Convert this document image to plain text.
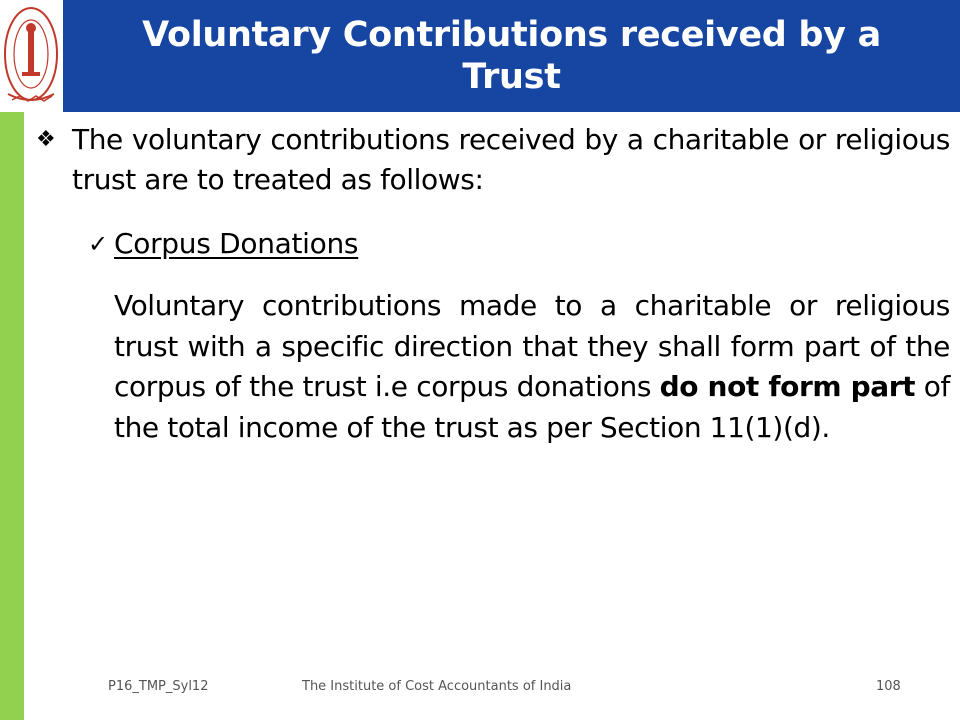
Voluntary Contributions received by a Trust
❖ The voluntary contributions received by a charitable or religious trust are to treated as follows:
✓ Corpus Donations
Voluntary contributions made to a charitable or religious trust with a specific direction that they shall form part of the corpus of the trust i.e corpus donations do not form part of the total income of the trust as per Section 11(1)(d).
P16_TMP_Syl12	The Institute of Cost Accountants of India	108
